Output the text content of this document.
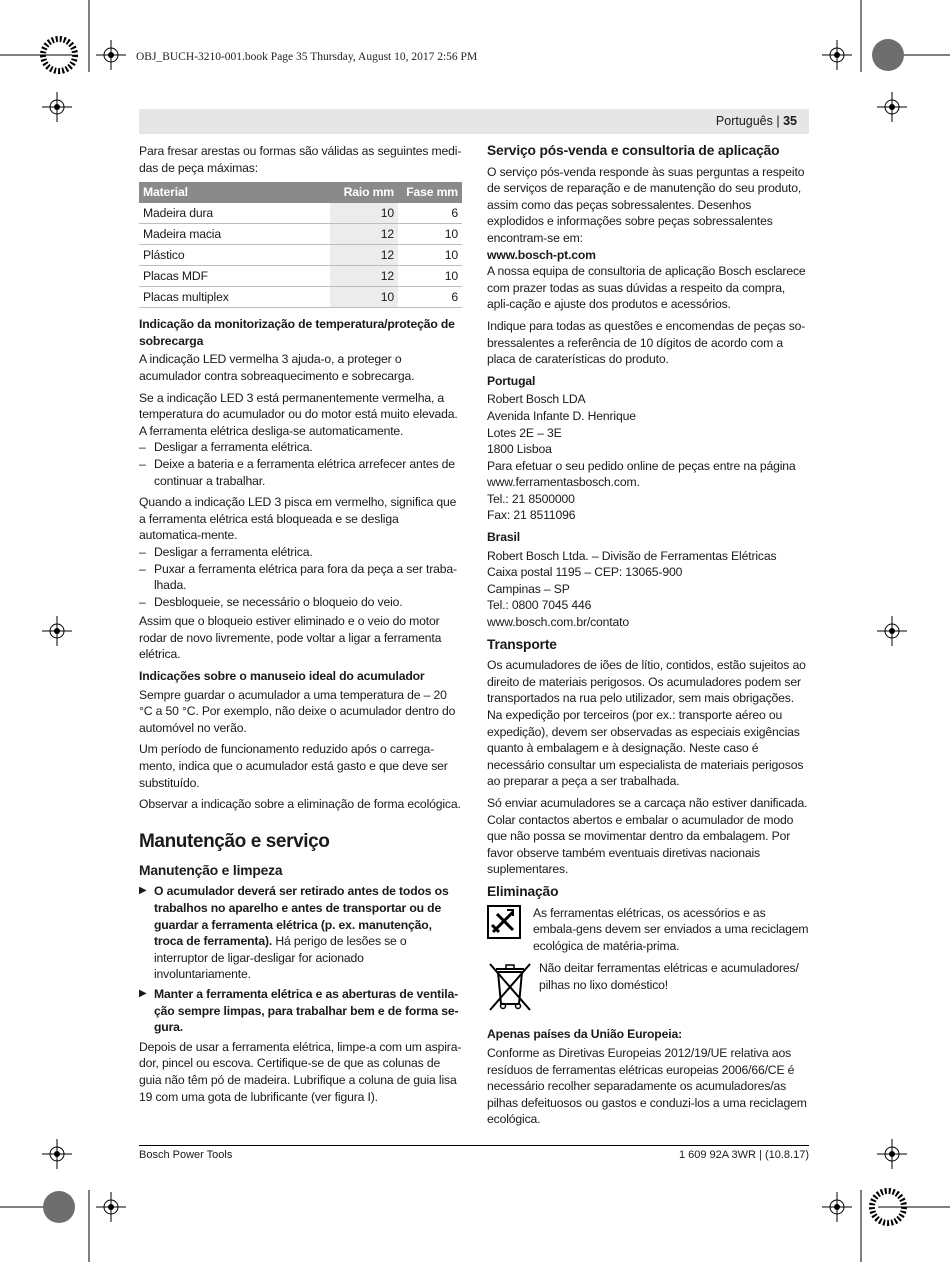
OBJ_BUCH-3210-001.book Page 35 Thursday, August 10, 2017 2:56 PM
Português | 35

Para fresar arestas ou formas são válidas as seguintes medi-das de peça máximas:

Material	Raio mm	Fase mm
Madeira dura	10	6
Madeira macia	12	10
Plástico	12	10
Placas MDF	12	10
Placas multiplex	10	6
Indicação da monitorização de temperatura/proteção de sobrecarga

A indicação LED vermelha 3 ajuda-o, a proteger o acumulador contra sobreaquecimento e sobrecarga.

Se a indicação LED 3 está permanentemente vermelha, a temperatura do acumulador ou do motor está muito elevada. A ferramenta elétrica desliga-se automaticamente.

– Desligar a ferramenta elétrica.
– Deixe a bateria e a ferramenta elétrica arrefecer antes de continuar a trabalhar.

Quando a indicação LED 3 pisca em vermelho, significa que a ferramenta elétrica está bloqueada e se desliga automatica-mente.

– Desligar a ferramenta elétrica.
– Puxar a ferramenta elétrica para fora da peça a ser traba-lhada.
– Desbloqueie, se necessário o bloqueio do veio.

Assim que o bloqueio estiver eliminado e o veio do motor rodar de novo livremente, pode voltar a ligar a ferramenta elétrica.

Indicações sobre o manuseio ideal do acumulador

Sempre guardar o acumulador a uma temperatura de – 20 °C a 50 °C. Por exemplo, não deixe o acumulador dentro do automóvel no verão.

Um período de funcionamento reduzido após o carrega-mento, indica que o acumulador está gasto e que deve ser substituído.

Observar a indicação sobre a eliminação de forma ecológica.

Manutenção e serviço
Manutenção e limpeza
▶ O acumulador deverá ser retirado antes de todos os trabalhos no aparelho e antes de transportar ou de guardar a ferramenta elétrica (p. ex. manutenção, troca de ferramenta). Há perigo de lesões se o interruptor de ligar-desligar for acionado involuntariamente.
▶ Manter a ferramenta elétrica e as aberturas de ventila-ção sempre limpas, para trabalhar bem e de forma se-gura.

Depois de usar a ferramenta elétrica, limpe-a com um aspira-dor, pincel ou escova. Certifique-se de que as colunas de guia não têm pó de madeira. Lubrifique a coluna de guia lisa 19 com uma gota de lubrificante (ver figura I).

Serviço pós-venda e consultoria de aplicação

O serviço pós-venda responde às suas perguntas a respeito de serviços de reparação e de manutenção do seu produto, assim como das peças sobressalentes. Desenhos explodidos e informações sobre peças sobressalentes encontram-se em:

www.bosch-pt.com

A nossa equipa de consultoria de aplicação Bosch esclarece com prazer todas as suas dúvidas a respeito da compra, apli-cação e ajuste dos produtos e acessórios.

Indique para todas as questões e encomendas de peças so-bressalentes a referência de 10 dígitos de acordo com a placa de caraterísticas do produto.

Portugal
Robert Bosch LDA
Avenida Infante D. Henrique
Lotes 2E – 3E
1800 Lisboa
Para efetuar o seu pedido online de peças entre na página
www.ferramentasbosch.com.
Tel.: 21 8500000
Fax: 21 8511096
Brasil
Robert Bosch Ltda. – Divisão de Ferramentas Elétricas
Caixa postal 1195 – CEP: 13065-900
Campinas – SP
Tel.: 0800 7045 446
www.bosch.com.br/contato
Transporte

Os acumuladores de iões de lítio, contidos, estão sujeitos ao direito de materiais perigosos. Os acumuladores podem ser transportados na rua pelo utilizador, sem mais obrigações. Na expedição por terceiros (por ex.: transporte aéreo ou expedição), devem ser observadas as especiais exigências quanto à embalagem e à designação. Neste caso é necessário consultar um especialista de materiais perigosos ao preparar a peça a ser trabalhada.

Só enviar acumuladores se a carcaça não estiver danificada. Colar contactos abertos e embalar o acumulador de modo que não possa se movimentar dentro da embalagem. Por favor observe também eventuais diretivas nacionais suplementares.

Eliminação
As ferramentas elétricas, os acessórios e as embala-gens devem ser enviados a uma reciclagem ecológica de matéria-prima.
Não deitar ferramentas elétricas e acumuladores/ pilhas no lixo doméstico!
Apenas países da União Europeia:

Conforme as Diretivas Europeias 2012/19/UE relativa aos resíduos de ferramentas elétricas europeias 2006/66/CE é necessário recolher separadamente os acumuladores/as pilhas defeituosos ou gastos e conduzi-los a uma reciclagem ecológica.

Bosch Power Tools	1 609 92A 3WR | (10.8.17)
